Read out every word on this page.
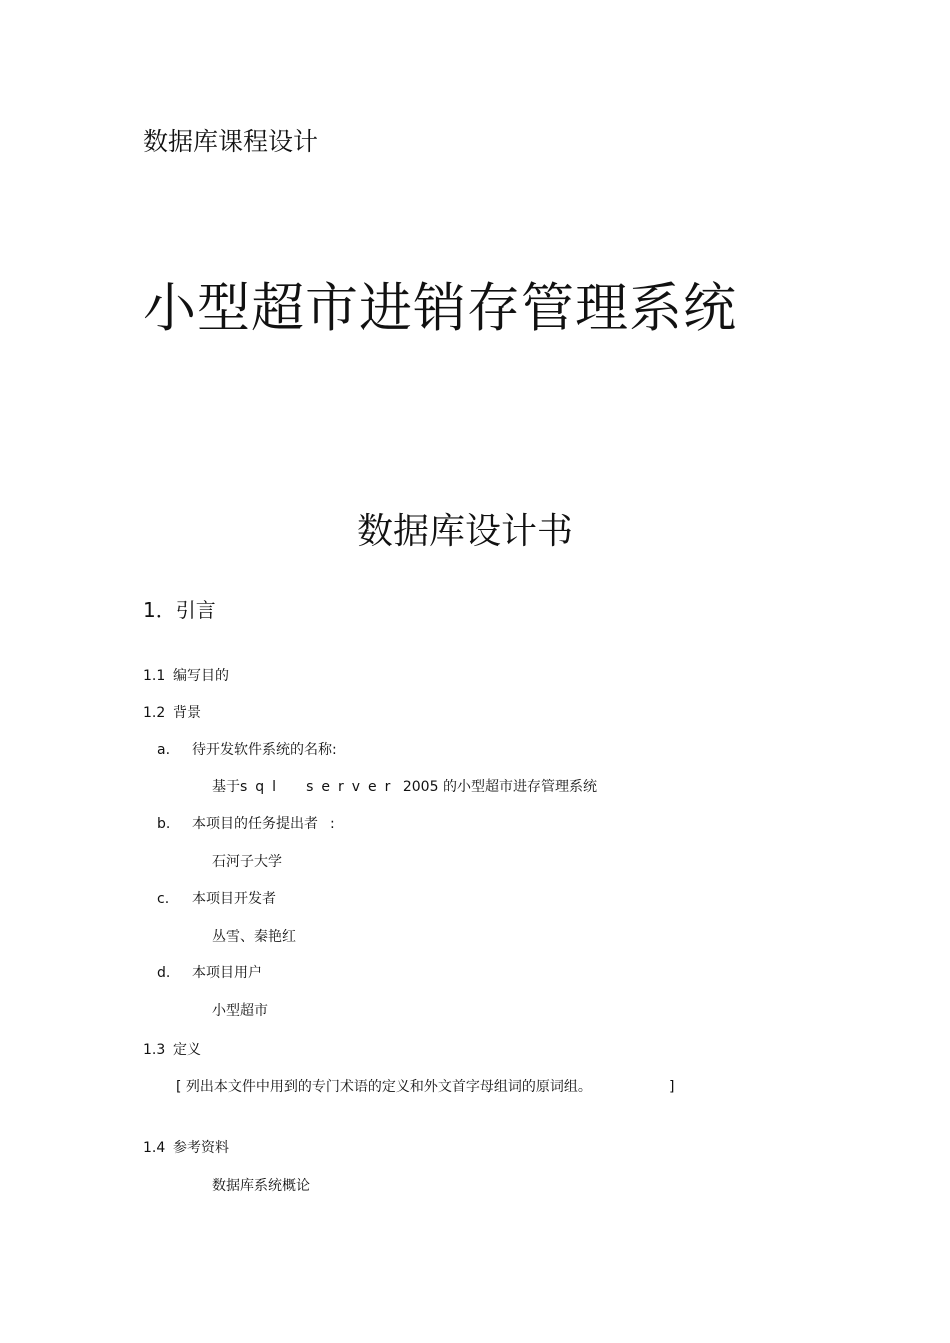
数据库课程设计
小型超市进销存管理系统
数据库设计书
1．引言
1.1 编写目的
1.2 背景
a. 待开发软件系统的名称:
基于sql server 2005 的小型超市进存管理系统
b. 本项目的任务提出者 :
石河子大学
c. 本项目开发者
丛雪、秦艳红
d. 本项目用户
小型超市
1.3 定义
[ 列出本文件中用到的专门术语的定义和外文首字母组词的原词组。	]
1.4 参考资料
数据库系统概论
